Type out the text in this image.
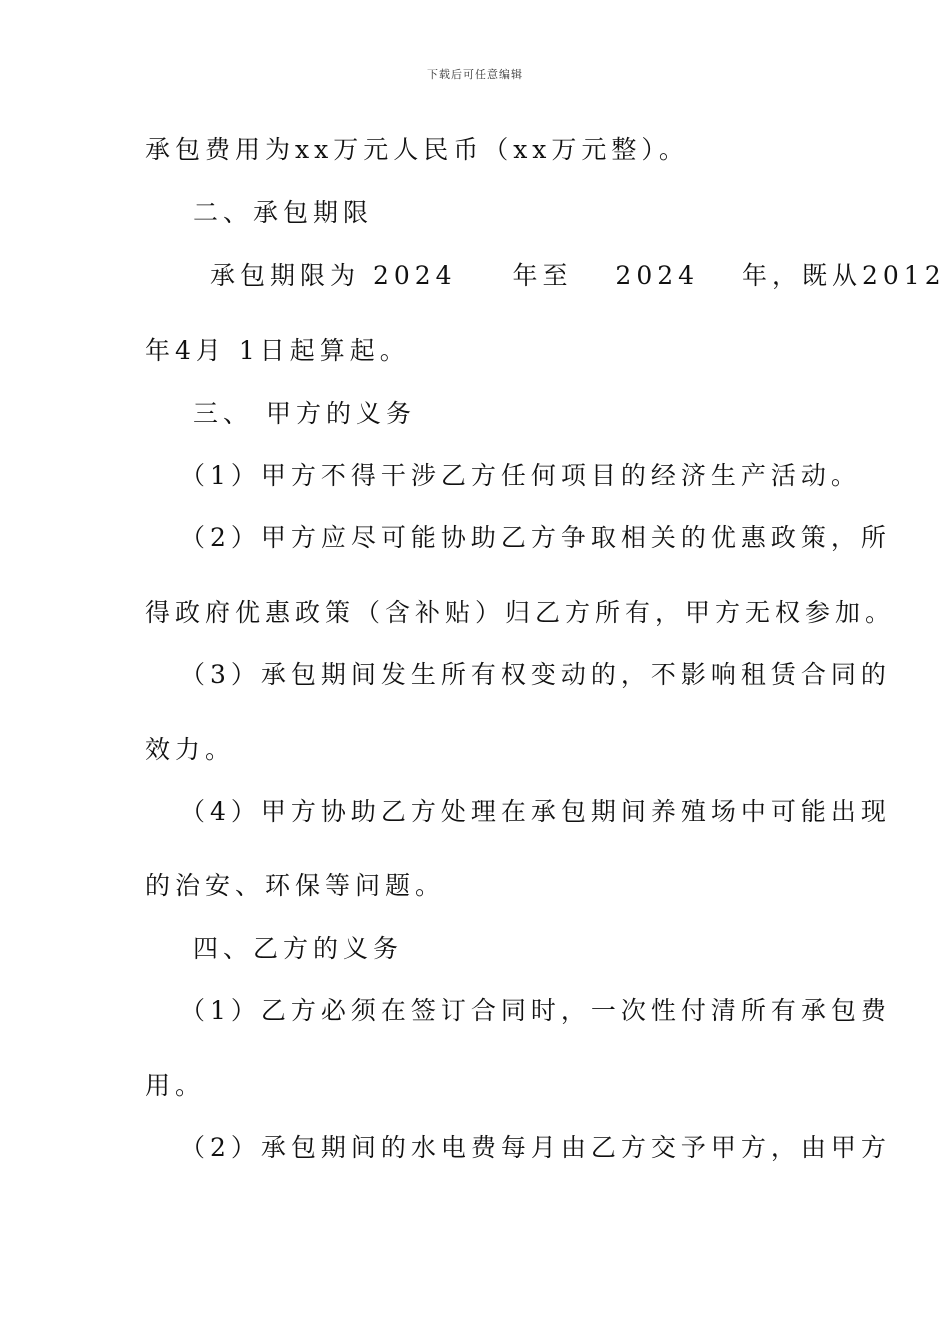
下载后可任意编辑
承包费用为xx万元人民币（xx万元整）。
二、承包期限
承包期限为 2024 　 年至 　2024　 年，既从2012
年4月 1日起算起。
三、 甲方的义务
（1）甲方不得干涉乙方任何项目的经济生产活动。
（2）甲方应尽可能协助乙方争取相关的优惠政策，所
得政府优惠政策（含补贴）归乙方所有，甲方无权参加。
（3）承包期间发生所有权变动的，不影响租赁合同的
效力。
（4）甲方协助乙方处理在承包期间养殖场中可能出现
的治安、环保等问题。
四、乙方的义务
（1）乙方必须在签订合同时，一次性付清所有承包费
用。
（2）承包期间的水电费每月由乙方交予甲方，由甲方
